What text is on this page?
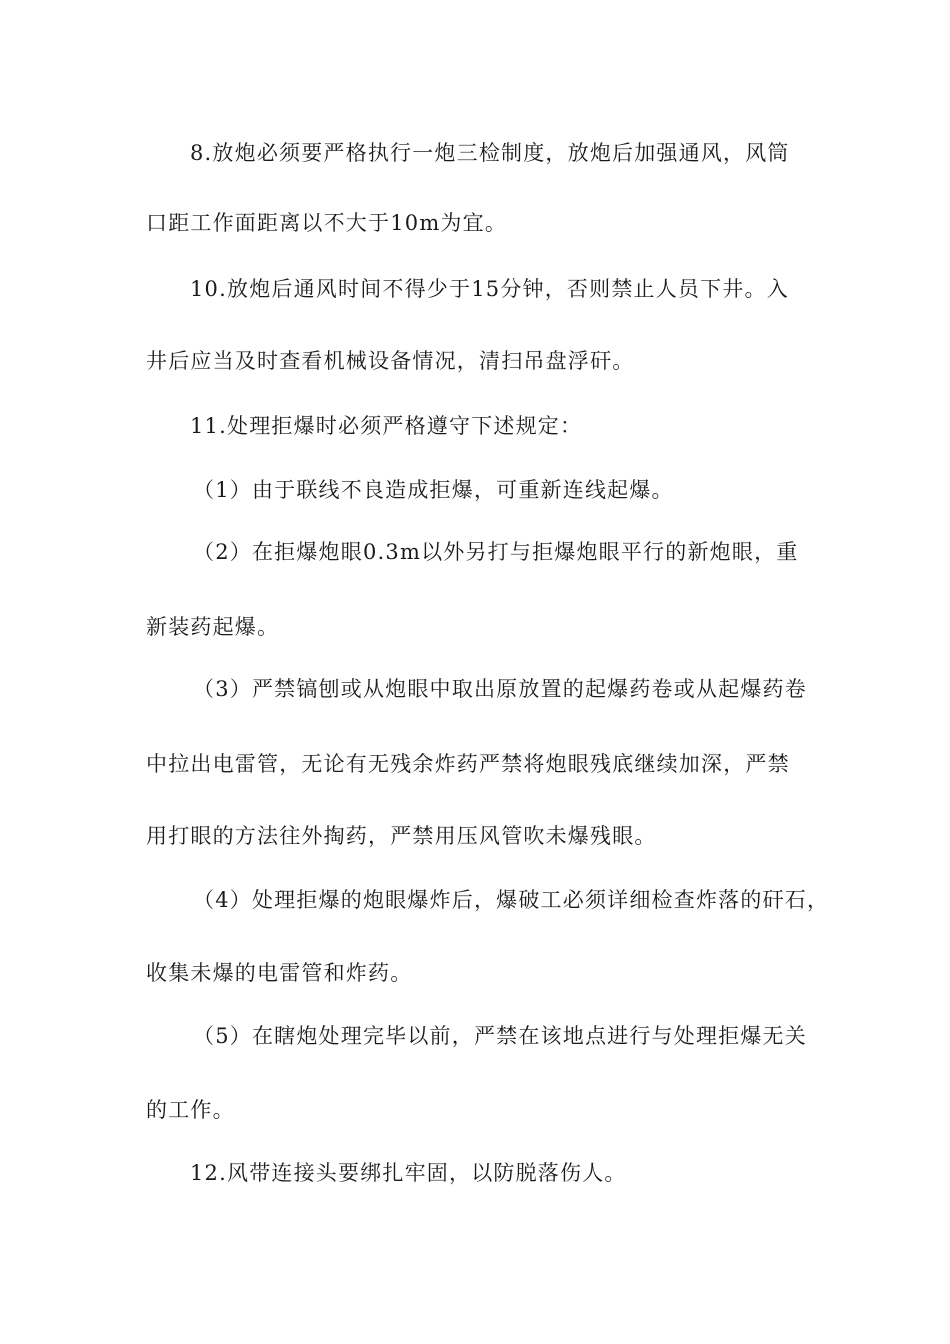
8.放炮必须要严格执行一炮三检制度，放炮后加强通风，风筒
口距工作面距离以不大于10m为宜。
10.放炮后通风时间不得少于15分钟，否则禁止人员下井。入
井后应当及时查看机械设备情况，清扫吊盘浮矸。
11.处理拒爆时必须严格遵守下述规定：
（1）由于联线不良造成拒爆，可重新连线起爆。
（2）在拒爆炮眼0.3m以外另打与拒爆炮眼平行的新炮眼，重
新装药起爆。
（3）严禁镐刨或从炮眼中取出原放置的起爆药卷或从起爆药卷
中拉出电雷管，无论有无残余炸药严禁将炮眼残底继续加深，严禁
用打眼的方法往外掏药，严禁用压风管吹未爆残眼。
（4）处理拒爆的炮眼爆炸后，爆破工必须详细检查炸落的矸石，
收集未爆的电雷管和炸药。
（5）在瞎炮处理完毕以前，严禁在该地点进行与处理拒爆无关
的工作。
12.风带连接头要绑扎牢固，以防脱落伤人。
